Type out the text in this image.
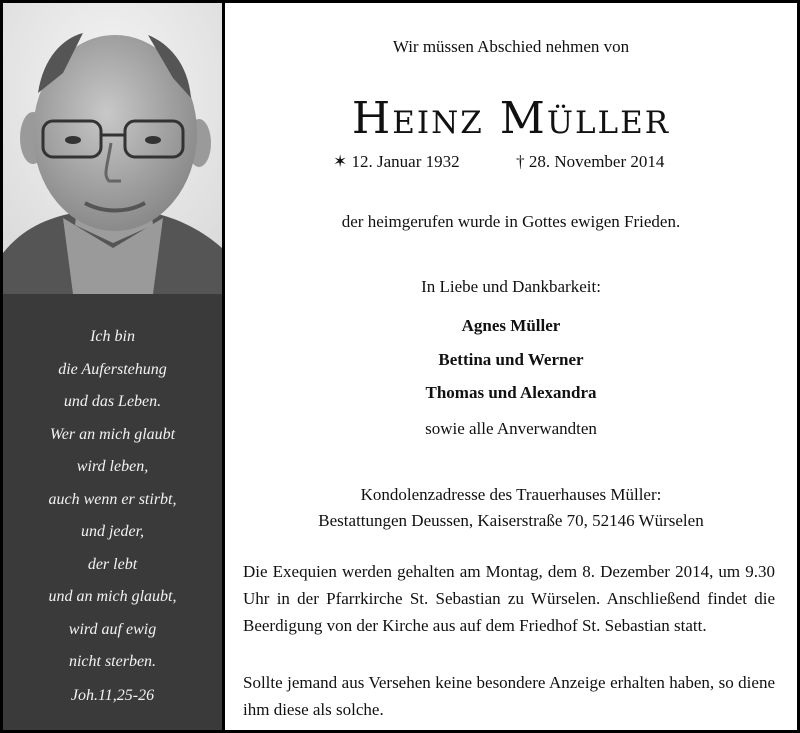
Ich bin
die Auferstehung
und das Leben.
Wer an mich glaubt
wird leben,
auch wenn er stirbt,
und jeder,
der lebt
und an mich glaubt,
wird auf ewig
nicht sterben.
Joh.11,25-26
Wir müssen Abschied nehmen von
Heinz Müller
✶ 12. Januar 1932	† 28. November 2014
der heimgerufen wurde in Gottes ewigen Frieden.
In Liebe und Dankbarkeit:
Agnes Müller
Bettina und Werner
Thomas und Alexandra
sowie alle Anverwandten
Kondolenzadresse des Trauerhauses Müller:
Bestattungen Deussen, Kaiserstraße 70, 52146 Würselen
Die Exequien werden gehalten am Montag, dem 8. Dezember 2014, um 9.30 Uhr in der Pfarrkirche St. Sebastian zu Würselen. Anschließend findet die Beerdigung von der Kirche aus auf dem Friedhof St. Sebastian statt.
Sollte jemand aus Versehen keine besondere Anzeige erhalten haben, so diene ihm diese als solche.
